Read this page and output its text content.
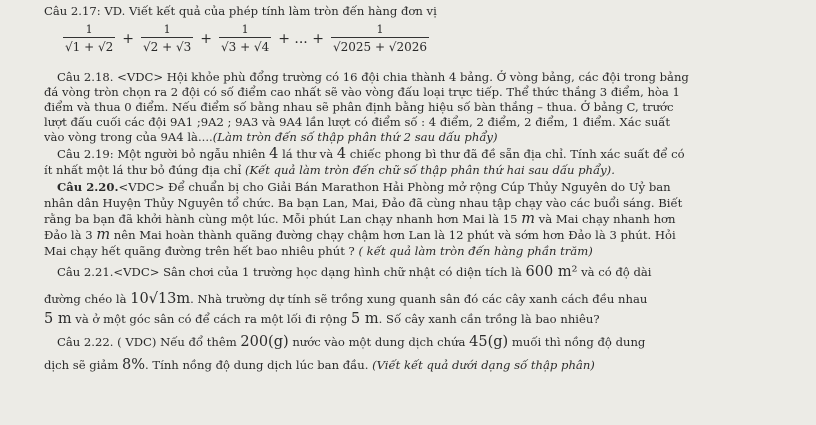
Câu 2.17: VD. Viết kết quả của phép tính làm tròn đến hàng đơn vị
$\frac{1}{√1 + √2} + \frac{1}{√2 + √3} + \frac{1}{√3 + √4}$ + ... + $\frac{1}{√2025 + √2026}$
Câu 2.18. <VDC> Hội khỏe phù đổng trường có 16 đội chia thành 4 bảng. Ở vòng bảng, các đội trong bảng
đá vòng tròn chọn ra 2 đội có số điểm cao nhất sẽ vào vòng đấu loại trực tiếp. Thể thức thắng 3 điểm, hòa 1
điểm và thua 0 điểm. Nếu điểm số bằng nhau sẽ phân định bằng hiệu số bàn thắng – thua. Ở bảng C, trước
lượt đấu cuối các đội 9A1 ;9A2 ; 9A3 và 9A4 lần lượt có điểm số : 4 điểm, 2 điểm, 2 điểm, 1 điểm. Xác suất
vào vòng trong của 9A4 là....(Làm tròn đến số thập phân thứ 2 sau dấu phẩy)
Câu 2.19: Một người bỏ ngẫu nhiên 4 lá thư và 4 chiếc phong bì thư đã đề sẵn địa chỉ. Tính xác suất để có
ít nhất một lá thư bỏ đúng địa chỉ (Kết quả làm tròn đến chữ số thập phân thứ hai sau dấu phẩy).
Câu 2.20.<VDC> Để chuẩn bị cho Giải Bán Marathon Hải Phòng mở rộng Cúp Thủy Nguyên do Uỷ ban
nhân dân Huyện Thủy Nguyên tổ chức. Ba bạn Lan, Mai, Đảo đã cùng nhau tập chạy vào các buổi sáng. Biết
rằng ba bạn đã khởi hành cùng một lúc. Mỗi phút Lan chạy nhanh hơn Mai là 15 m và Mai chạy nhanh hơn
Đảo là 3 m nên Mai hoàn thành quãng đường chạy chậm hơn Lan là 12 phút và sớm hơn Đảo là 3 phút. Hỏi
Mai chạy hết quãng đường trên hết bao nhiêu phút ? ( kết quả làm tròn đến hàng phần trăm)
Câu 2.21.<VDC> Sân chơi của 1 trường học dạng hình chữ nhật có diện tích là 600 m² và có độ dài
đường chéo là 10√13m. Nhà trường dự tính sẽ trồng xung quanh sân đó các cây xanh cách đều nhau
5 m và ở một góc sân có để cách ra một lối đi rộng 5 m. Số cây xanh cần trồng là bao nhiêu?
Câu 2.22. ( VDC) Nếu đổ thêm 200(g) nước vào một dung dịch chứa 45(g) muối thì nồng độ dung
dịch sẽ giảm 8%. Tính nồng độ dung dịch lúc ban đầu. (Viết kết quả dưới dạng số thập phân)
